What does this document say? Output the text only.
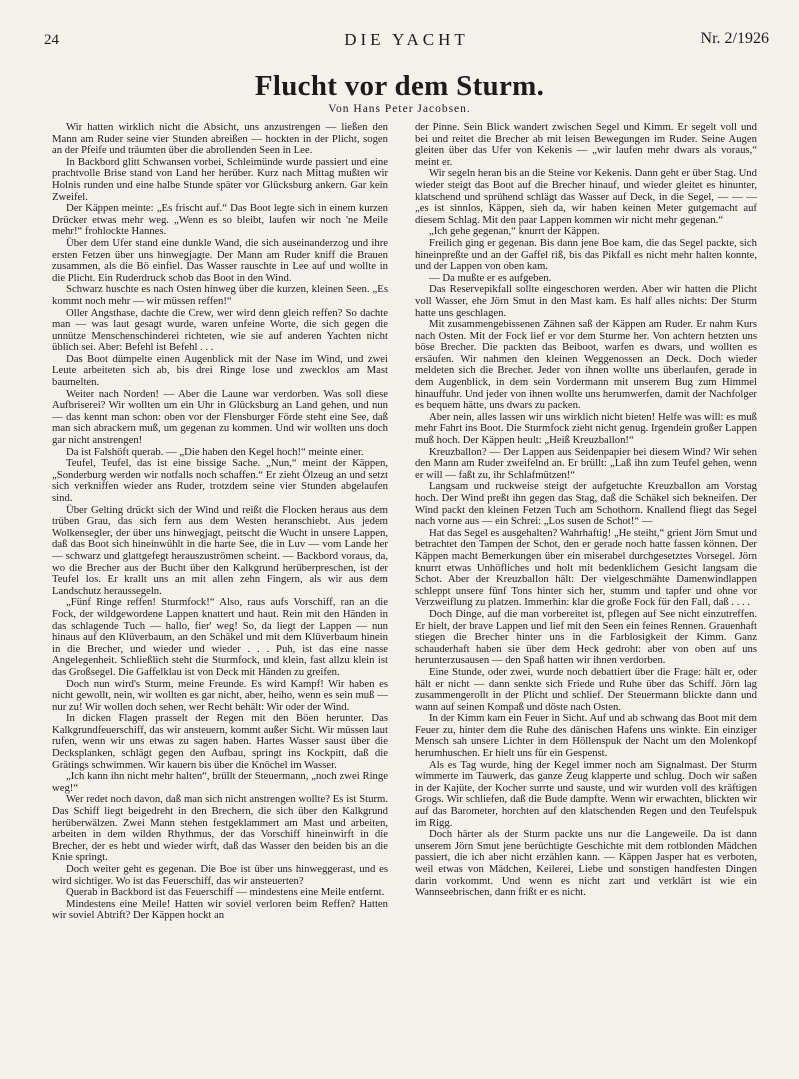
24	DIE YACHT	Nr. 2/1926
Flucht vor dem Sturm.
Von Hans Peter Jacobsen.

Wir hatten wirklich nicht die Absicht, uns anzustrengen — ließen den Mann am Ruder seine vier Stunden abreißen — hockten in der Plicht, sogen an der Pfeife und träumten über die abrollenden Seen in Lee.

In Backbord glitt Schwansen vorbei, Schleimünde wurde passiert und eine prachtvolle Brise stand von Land her herüber. Kurz nach Mittag mußten wir Holnis runden und eine halbe Stunde später vor Glücksburg ankern. Gar kein Zweifel.

Der Käppen meinte: „Es frischt auf.“ Das Boot legte sich in einem kurzen Drücker etwas mehr weg. „Wenn es so bleibt, laufen wir noch 'ne Meile mehr!“ frohlockte Hannes.

Über dem Ufer stand eine dunkle Wand, die sich auseinanderzog und ihre ersten Fetzen über uns hinwegjagte. Der Mann am Ruder kniff die Brauen zusammen, als die Bö einfiel. Das Wasser rauschte in Lee auf und wollte in die Plicht. Ein Ruderdruck schob das Boot in den Wind.

Schwarz huschte es nach Osten hinweg über die kurzen, kleinen Seen. „Es kommt noch mehr — wir müssen reffen!“

Oller Angsthase, dachte die Crew, wer wird denn gleich reffen? So dachte man — was laut gesagt wurde, waren unfeine Worte, die sich gegen die unnütze Menschenschinderei richteten, wie sie auf anderen Yachten nicht üblich sei. Aber: Befehl ist Befehl . . .

Das Boot dümpelte einen Augenblick mit der Nase im Wind, und zwei Leute arbeiteten sich ab, bis drei Ringe lose und zwecklos am Mast baumelten.

Weiter nach Norden! — Aber die Laune war verdorben. Was soll diese Aufbriserei? Wir wollten um ein Uhr in Glücksburg an Land gehen, und nun — das kennt man schon: oben vor der Flensburger Förde steht eine See, daß man sich abrackern muß, um gegenan zu kommen. Und wir wollten uns doch gar nicht anstrengen!

Da ist Falshöft querab. — „Die haben den Kegel hoch!“ meinte einer.

Teufel, Teufel, das ist eine bissige Sache. „Nun,“ meint der Käppen, „Sonderburg werden wir notfalls noch schaffen.“ Er zieht Ölzeug an und setzt sich verkniffen wieder ans Ruder, trotzdem seine vier Stunden abgelaufen sind.

Über Gelting drückt sich der Wind und reißt die Flocken heraus aus dem trüben Grau, das sich fern aus dem Westen heranschiebt. Aus jedem Wolkensegler, der über uns hinwegjagt, peitscht die Wucht in unsere Lappen, daß das Boot sich hineinwühlt in die harte See, die in Luv — vom Lande her — schwarz und glattgefegt herauszuströmen scheint. — Backbord voraus, da, wo die Brecher aus der Bucht über den Kalkgrund herüberpreschen, ist der Teufel los. Er krallt uns an mit allen zehn Fingern, als wir aus dem Landschutz heraussegeln.

„Fünf Ringe reffen! Sturmfock!“ Also, raus aufs Vorschiff, ran an die Fock, der wildgewordene Lappen knattert und haut. Rein mit den Händen in das schlagende Tuch — hallo, fier' weg! So, da liegt der Lappen — nun hinaus auf den Klüverbaum, an den Schäkel und mit dem Klüverbaum hinein in die Brecher, und wieder und wieder . . . Puh, ist das eine nasse Angelegenheit. Schließlich steht die Sturmfock, und klein, fast allzu klein ist das Großsegel. Die Gaffelklau ist von Deck mit Händen zu greifen.

Doch nun wird's Sturm, meine Freunde. Es wird Kampf! Wir haben es nicht gewollt, nein, wir wollten es gar nicht, aber, heiho, wenn es sein muß — nur zu! Wir wollen doch sehen, wer Recht behält: Wir oder der Wind.

In dicken Flagen prasselt der Regen mit den Böen herunter. Das Kalkgrundfeuerschiff, das wir ansteuern, kommt außer Sicht. Wir müssen laut rufen, wenn wir uns etwas zu sagen haben. Hartes Wasser saust über die Decksplanken, schlägt gegen den Aufbau, springt ins Kockpitt, daß die Grätings schwimmen. Wir kauern bis über die Knöchel im Wasser.

„Ich kann ihn nicht mehr halten“, brüllt der Steuermann, „noch zwei Ringe weg!“

Wer redet noch davon, daß man sich nicht anstrengen wollte? Es ist Sturm. Das Schiff liegt beigedreht in den Brechern, die sich über den Kalkgrund herüberwälzen. Zwei Mann stehen festgeklammert am Mast und arbeiten, arbeiten in dem wilden Rhythmus, der das Vorschiff hineinwirft in die Brecher, der es hebt und wieder wirft, daß das Wasser den beiden bis an die Knie springt.

Doch weiter geht es gegenan. Die Boe ist über uns hinweggerast, und es wird sichtiger. Wo ist das Feuerschiff, das wir ansteuerten?

Querab in Backbord ist das Feuerschiff — mindestens eine Meile entfernt.

Mindestens eine Meile! Hatten wir soviel verloren beim Reffen? Hatten wir soviel Abtrift? Der Käppen hockt an

der Pinne. Sein Blick wandert zwischen Segel und Kimm. Er segelt voll und bei und reitet die Brecher ab mit leisen Bewegungen im Ruder. Seine Augen gleiten über das Ufer von Kekenis — „wir laufen mehr dwars als voraus,“ meint er.

Wir segeln heran bis an die Steine vor Kekenis. Dann geht er über Stag. Und wieder steigt das Boot auf die Brecher hinauf, und wieder gleitet es hinunter, klatschend und sprühend schlägt das Wasser auf Deck, in die Segel, — — — „es ist sinnlos, Käppen, sieh da, wir haben keinen Meter gutgemacht auf diesem Schlag. Mit den paar Lappen kommen wir nicht mehr gegenan.“

„Ich gehe gegenan,“ knurrt der Käppen.

Freilich ging er gegenan. Bis dann jene Boe kam, die das Segel packte, sich hineinpreßte und an der Gaffel riß, bis das Pikfall es nicht mehr halten konnte, und der Lappen von oben kam.

— Da mußte er es aufgeben.

Das Reservepikfall sollte eingeschoren werden. Aber wir hatten die Plicht voll Wasser, ehe Jörn Smut in den Mast kam. Es half alles nichts: Der Sturm hatte uns geschlagen.

Mit zusammengebissenen Zähnen saß der Käppen am Ruder. Er nahm Kurs nach Osten. Mit der Fock lief er vor dem Sturme her. Von achtern hetzten uns böse Brecher. Die packten das Beiboot, warfen es dwars, und wollten es ersäufen. Wir nahmen den kleinen Weggenossen an Deck. Doch wieder meldeten sich die Brecher. Jeder von ihnen wollte uns überlaufen, gerade in dem Augenblick, in dem sein Vordermann mit unserem Bug zum Himmel hinauffuhr. Und jeder von ihnen wollte uns herumwerfen, damit der Nachfolger es bequem hätte, uns dwars zu packen.

Aber nein, alles lassen wir uns wirklich nicht bieten! Helfe was will: es muß mehr Fahrt ins Boot. Die Sturmfock zieht nicht genug. Irgendein großer Lappen muß hoch. Der Käppen heult: „Heiß Kreuzballon!“

Kreuzballon? — Der Lappen aus Seidenpapier bei diesem Wind? Wir sehen den Mann am Ruder zweifelnd an. Er brüllt: „Laß ihn zum Teufel gehen, wenn er will — faßt zu, ihr Schlafmützen!“

Langsam und ruckweise steigt der aufgetuchte Kreuzballon am Vorstag hoch. Der Wind preßt ihn gegen das Stag, daß die Schäkel sich bekneifen. Der Wind packt den kleinen Fetzen Tuch am Schothorn. Knallend fliegt das Segel nach vorne aus — ein Schrei: „Los susen de Schot!“ —

Hat das Segel es ausgehalten? Wahrhaftig! „He steiht,“ grient Jörn Smut und betrachtet den Tampen der Schot, den er gerade noch hatte fassen können. Der Käppen macht Bemerkungen über ein miserabel durchgesetztes Vorsegel. Jörn knurrt etwas Unhöfliches und holt mit bedenklichem Gesicht langsam die Schot. Aber der Kreuzballon hält: Der vielgeschmähte Damenwindlappen schleppt unsere fünf Tons hinter sich her, stumm und tapfer und ohne vor Verzweiflung zu platzen. Immerhin: klar die große Fock für den Fall, daß . . . .

Doch Dinge, auf die man vorbereitet ist, pflegen auf See nicht einzutreffen. Er hielt, der brave Lappen und lief mit den Seen ein feines Rennen. Grauenhaft stiegen die Brecher hinter uns in die Farblosigkeit der Kimm. Ganz schauderhaft haben sie über dem Heck gedroht: aber von oben auf uns herunterzusausen — den Spaß hatten wir ihnen verdorben.

Eine Stunde, oder zwei, wurde noch debattiert über die Frage: hält er, oder hält er nicht — dann senkte sich Friede und Ruhe über das Schiff. Jörn lag zusammengerollt in der Plicht und schlief. Der Steuermann blickte dann und wann auf seinen Kompaß und döste nach Osten.

In der Kimm kam ein Feuer in Sicht. Auf und ab schwang das Boot mit dem Feuer zu, hinter dem die Ruhe des dänischen Hafens uns winkte. Ein einziger Mensch sah unsere Lichter in dem Höllenspuk der Nacht um den Molenkopf herumhuschen. Er hielt uns für ein Gespenst.

Als es Tag wurde, hing der Kegel immer noch am Signalmast. Der Sturm wimmerte im Tauwerk, das ganze Zeug klapperte und schlug. Doch wir saßen in der Kajüte, der Kocher surrte und sauste, und wir wurden voll des kräftigen Grogs. Wir schliefen, daß die Bude dampfte. Wenn wir erwachten, blickten wir auf das Barometer, horchten auf den klatschenden Regen und den Teufelspuk im Rigg.

Doch härter als der Sturm packte uns nur die Langeweile. Da ist dann unserem Jörn Smut jene berüchtigte Geschichte mit dem rotblonden Mädchen passiert, die ich aber nicht erzählen kann. — Käppen Jasper hat es verboten, weil etwas von Mädchen, Keilerei, Liebe und sonstigen handfesten Dingen darin vorkommt. Und wenn es nicht zart und verklärt ist wie ein Wannseebrischen, dann frißt er es nicht.
